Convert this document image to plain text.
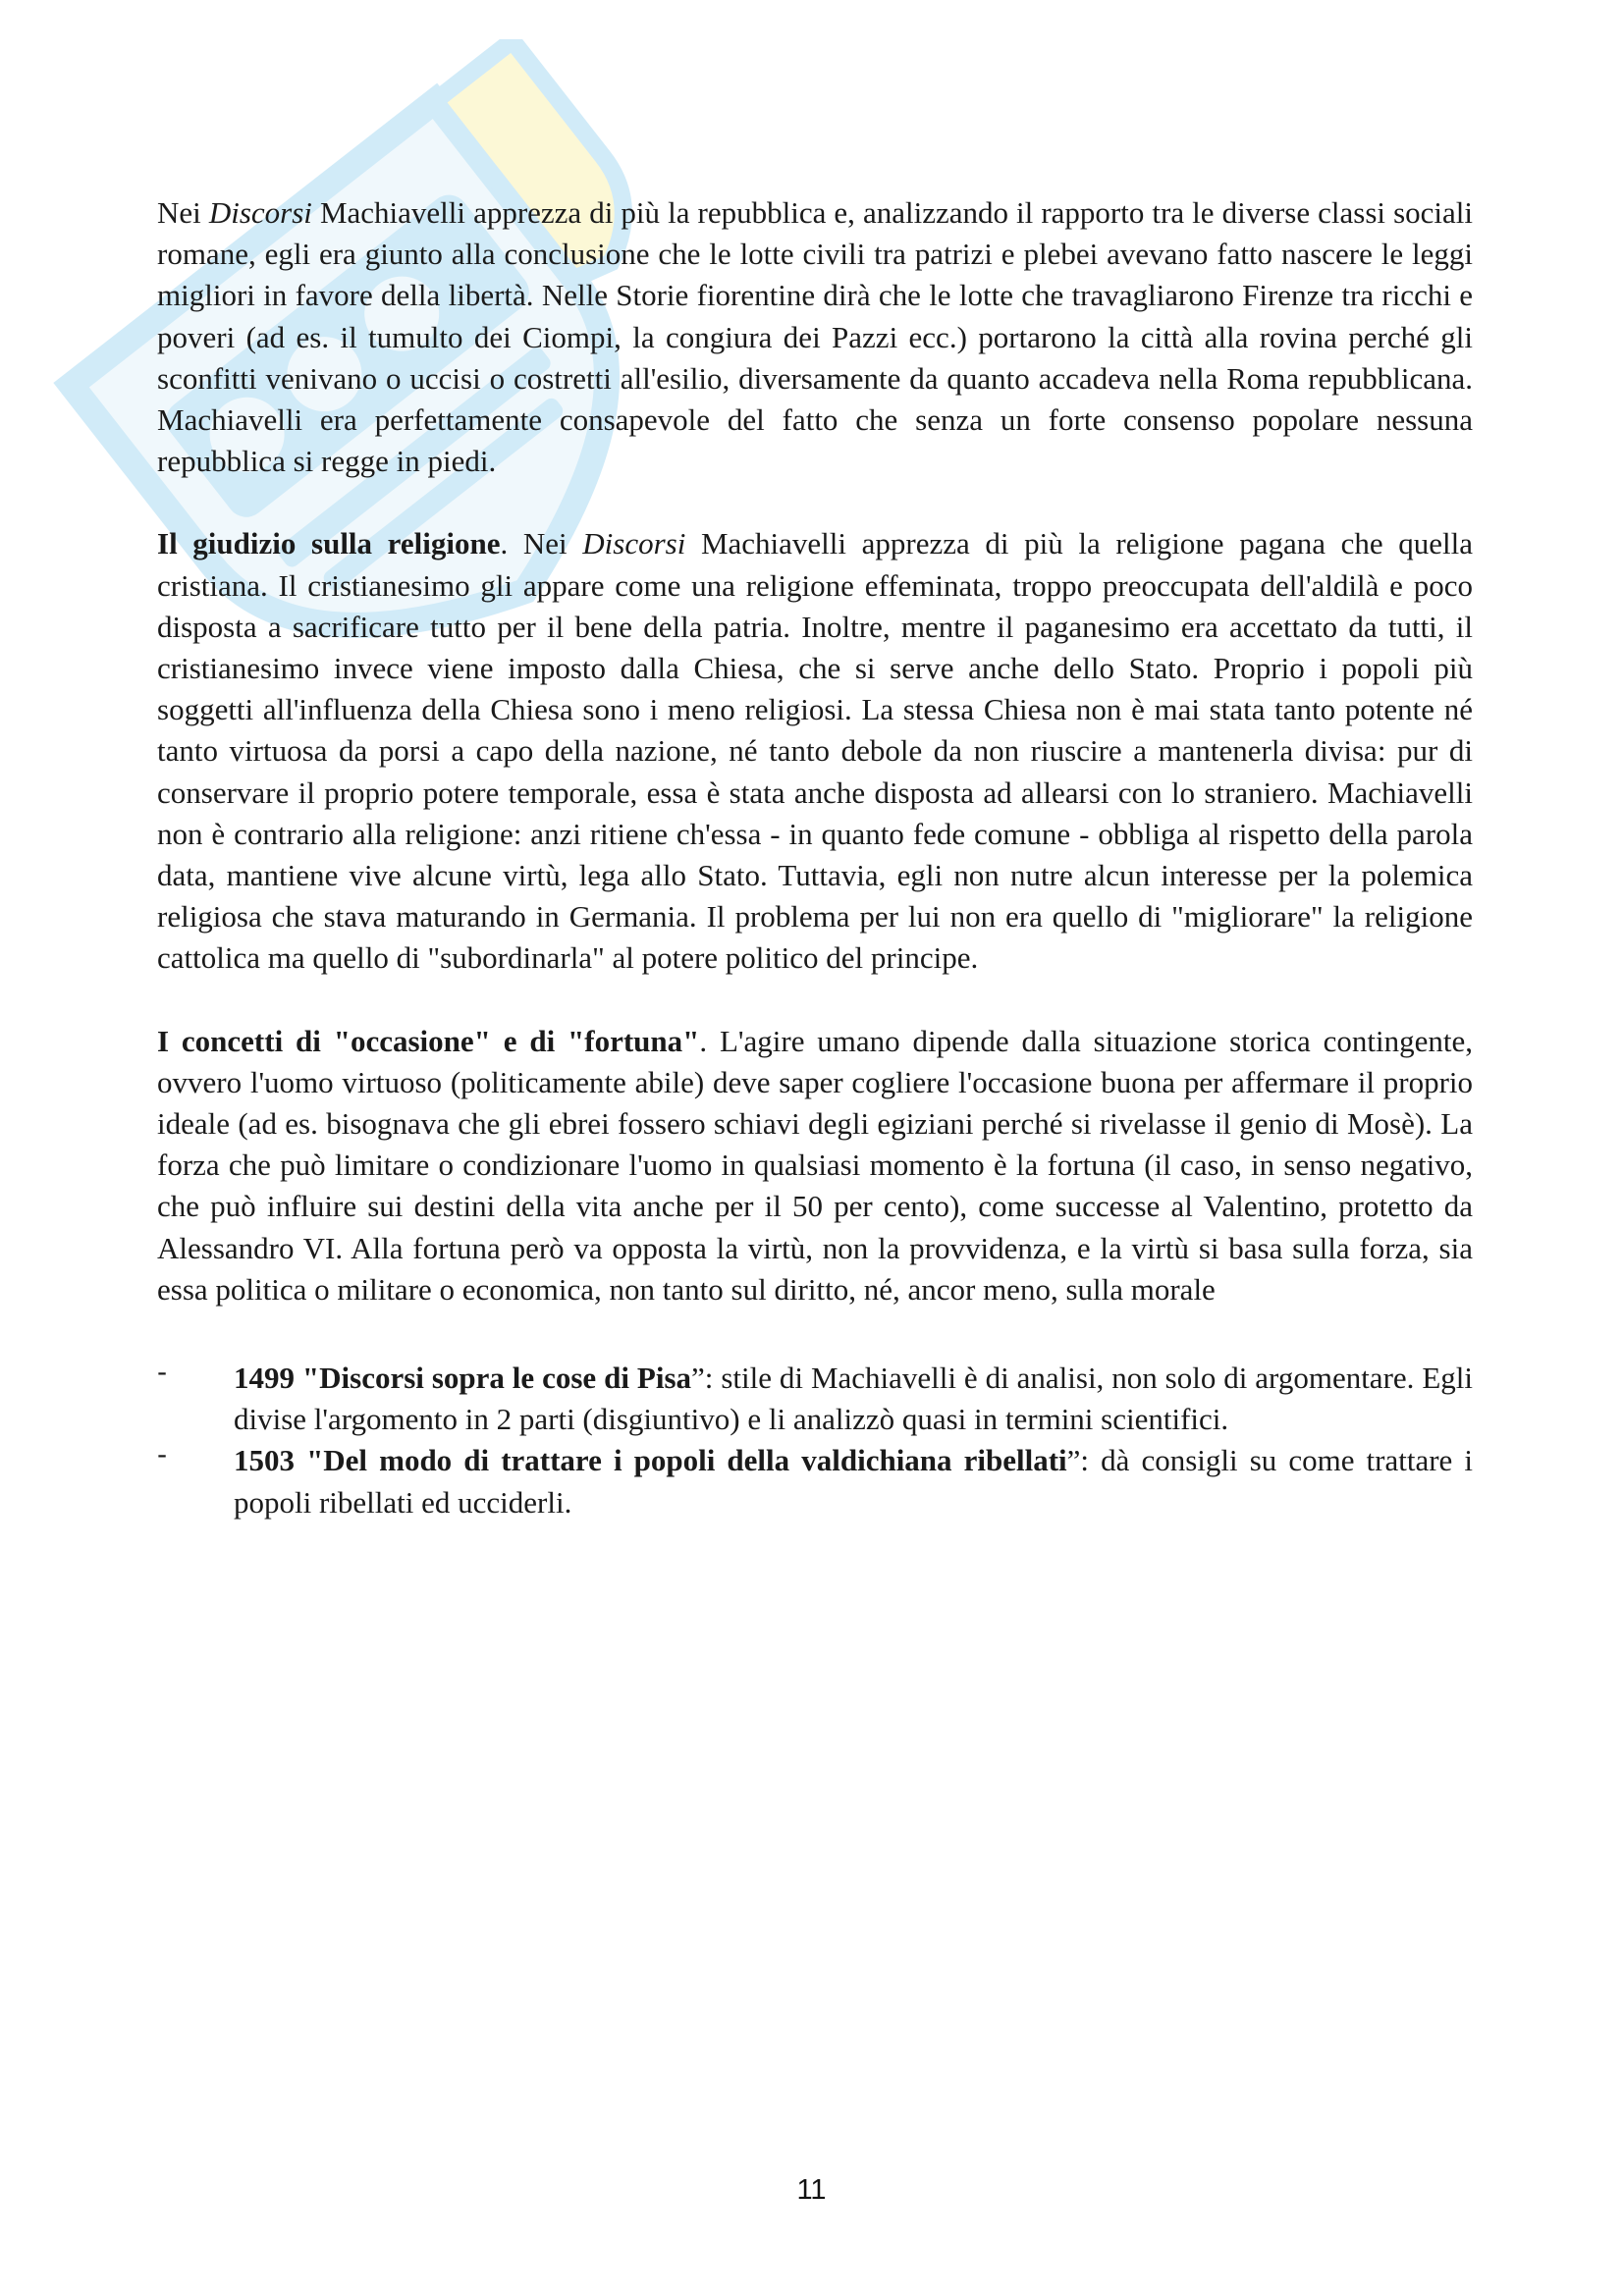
Nei Discorsi Machiavelli apprezza di più la repubblica e, analizzando il rapporto tra le diverse classi sociali romane, egli era giunto alla conclusione che le lotte civili tra patrizi e plebei avevano fatto nascere le leggi migliori in favore della libertà. Nelle Storie fiorentine dirà che le lotte che travagliarono Firenze tra ricchi e poveri (ad es. il tumulto dei Ciompi, la congiura dei Pazzi ecc.) portarono la città alla rovina perché gli sconfitti venivano o uccisi o costretti all'esilio, diversamente da quanto accadeva nella Roma repubblicana. Machiavelli era perfettamente consapevole del fatto che senza un forte consenso popolare nessuna repubblica si regge in piedi.

Il giudizio sulla religione. Nei Discorsi Machiavelli apprezza di più la religione pagana che quella cristiana. Il cristianesimo gli appare come una religione effeminata, troppo preoccupata dell'aldilà e poco disposta a sacrificare tutto per il bene della patria. Inoltre, mentre il paganesimo era accettato da tutti, il cristianesimo invece viene imposto dalla Chiesa, che si serve anche dello Stato. Proprio i popoli più soggetti all'influenza della Chiesa sono i meno religiosi. La stessa Chiesa non è mai stata tanto potente né tanto virtuosa da porsi a capo della nazione, né tanto debole da non riuscire a mantenerla divisa: pur di conservare il proprio potere temporale, essa è stata anche disposta ad allearsi con lo straniero. Machiavelli non è contrario alla religione: anzi ritiene ch'essa - in quanto fede comune - obbliga al rispetto della parola data, mantiene vive alcune virtù, lega allo Stato. Tuttavia, egli non nutre alcun interesse per la polemica religiosa che stava maturando in Germania. Il problema per lui non era quello di "migliorare" la religione cattolica ma quello di "subordinarla" al potere politico del principe.

I concetti di "occasione" e di "fortuna". L'agire umano dipende dalla situazione storica contingente, ovvero l'uomo virtuoso (politicamente abile) deve saper cogliere l'occasione buona per affermare il proprio ideale (ad es. bisognava che gli ebrei fossero schiavi degli egiziani perché si rivelasse il genio di Mosè). La forza che può limitare o condizionare l'uomo in qualsiasi momento è la fortuna (il caso, in senso negativo, che può influire sui destini della vita anche per il 50 per cento), come successe al Valentino, protetto da Alessandro VI. Alla fortuna però va opposta la virtù, non la provvidenza, e la virtù si basa sulla forza, sia essa politica o militare o economica, non tanto sul diritto, né, ancor meno, sulla morale

- 1499 "Discorsi sopra le cose di Pisa”: stile di Machiavelli è di analisi, non solo di argomentare. Egli divise l'argomento in 2 parti (disgiuntivo) e li analizzò quasi in termini scientifici.
- 1503 "Del modo di trattare i popoli della valdichiana ribellati”: dà consigli su come trattare i popoli ribellati ed ucciderli.
11
